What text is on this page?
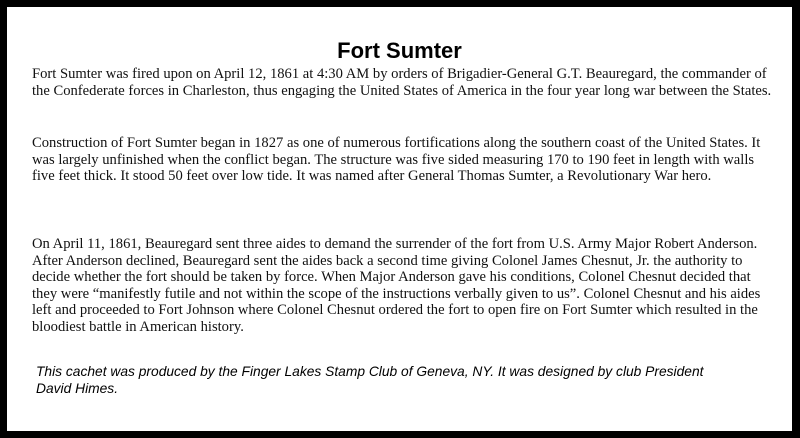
Fort Sumter

Fort Sumter was fired upon on April 12, 1861 at 4:30 AM by orders of Brigadier-General G.T. Beauregard, the commander of the Confederate forces in Charleston, thus engaging the United States of America in the four year long war between the States.

Construction of Fort Sumter began in 1827 as one of numerous fortifications along the southern coast of the United States. It was largely unfinished when the conflict began. The structure was five sided measuring 170 to 190 feet in length with walls five feet thick. It stood 50 feet over low tide. It was named after General Thomas Sumter, a Revolutionary War hero.

On April 11, 1861, Beauregard sent three aides to demand the surrender of the fort from U.S. Army Major Robert Anderson. After Anderson declined, Beauregard sent the aides back a second time giving Colonel James Chesnut, Jr. the authority to decide whether the fort should be taken by force. When Major Anderson gave his conditions, Colonel Chesnut decided that they were “manifestly futile and not within the scope of the instructions verbally given to us”. Colonel Chesnut and his aides left and proceeded to Fort Johnson where Colonel Chesnut ordered the fort to open fire on Fort Sumter which resulted in the bloodiest battle in American history.

This cachet was produced by the Finger Lakes Stamp Club of Geneva, NY. It was designed by club President David Himes.
